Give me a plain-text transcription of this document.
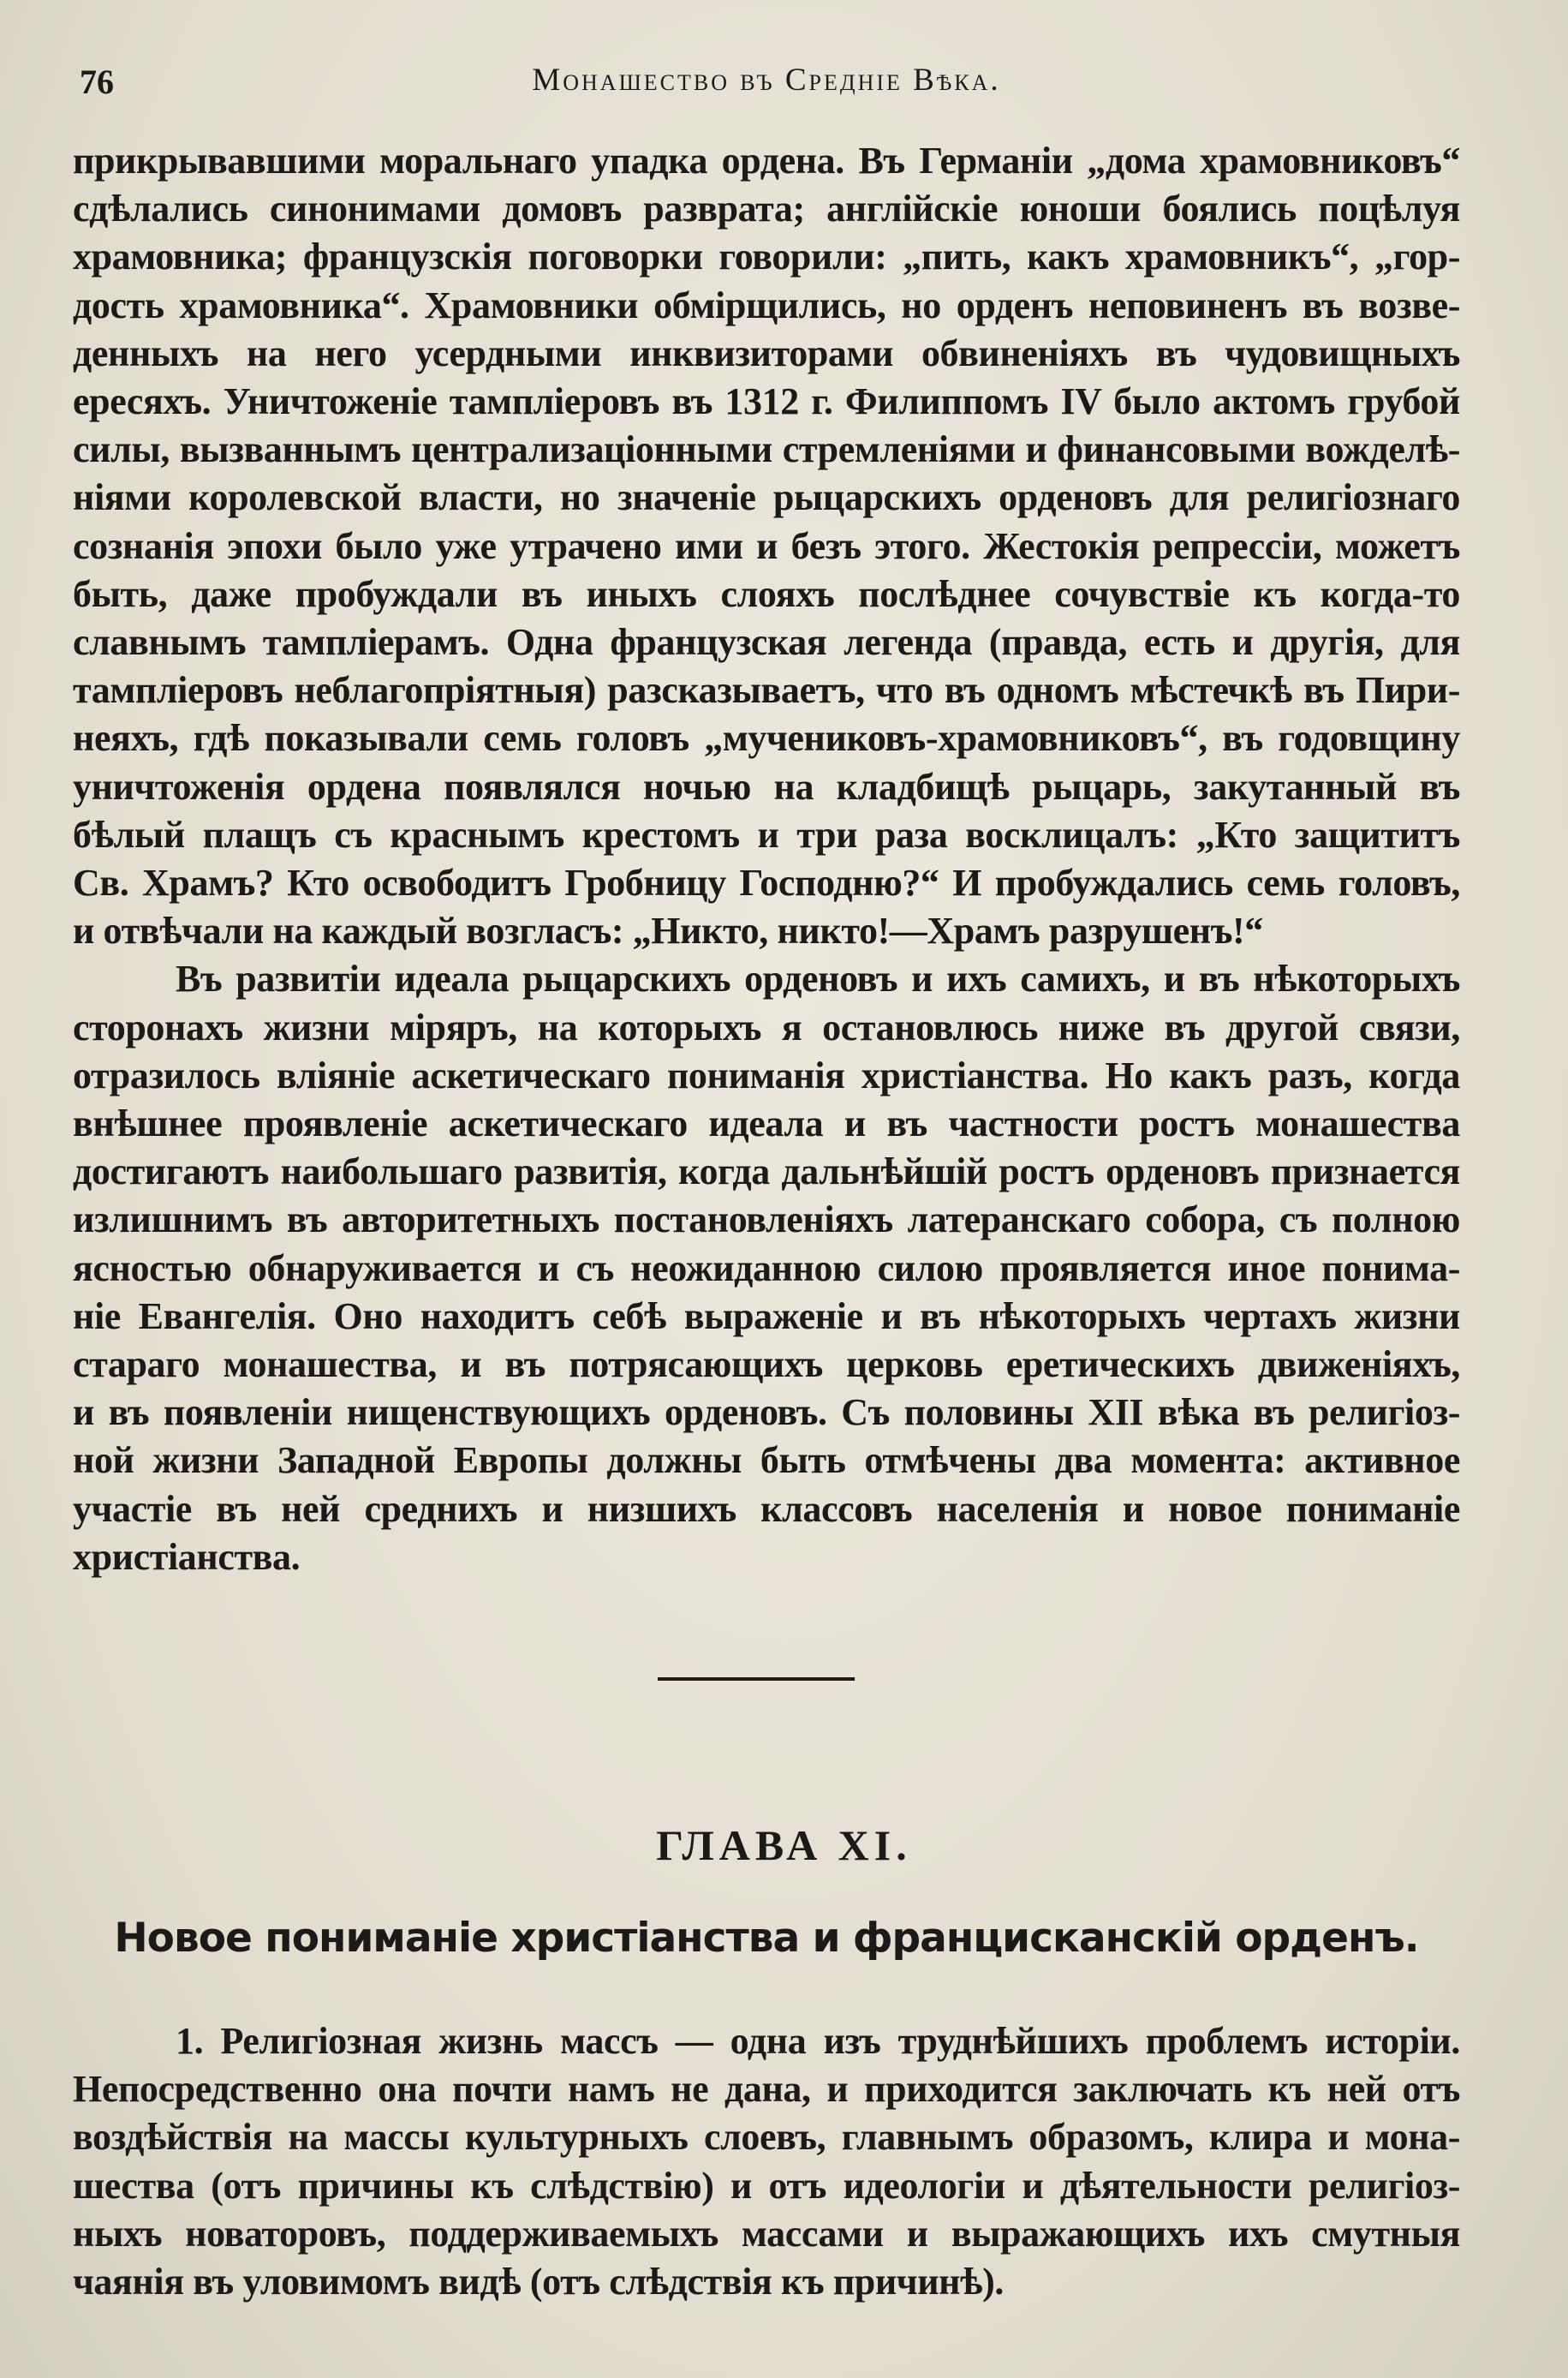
76	Монашество въ Средніе Вѣка.
прикрывавшими моральнаго упадка ордена. Въ Германіи „дома храмовниковъ“
сдѣлались синонимами домовъ разврата; англійскіе юноши боялись поцѣлуя
храмовника; французскія поговорки говорили: „пить, какъ храмовникъ“, „гор-
дость храмовника“. Храмовники обмірщились, но орденъ неповиненъ въ возве-
денныхъ на него усердными инквизиторами обвиненіяхъ въ чудовищныхъ
ересяхъ. Уничтоженіе тампліеровъ въ 1312 г. Филиппомъ IV было актомъ грубой
силы, вызваннымъ централизаціонными стремленіями и финансовыми вожделѣ-
ніями королевской власти, но значеніе рыцарскихъ орденовъ для религіознаго
сознанія эпохи было уже утрачено ими и безъ этого. Жестокія репрессіи, можетъ
быть, даже пробуждали въ иныхъ слояхъ послѣднее сочувствіе къ когда-то
славнымъ тампліерамъ. Одна французская легенда (правда, есть и другія, для
тампліеровъ неблагопріятныя) разсказываетъ, что въ одномъ мѣстечкѣ въ Пири-
неяхъ, гдѣ показывали семь головъ „мучениковъ-храмовниковъ“, въ годовщину
уничтоженія ордена появлялся ночью на кладбищѣ рыцарь, закутанный въ
бѣлый плащъ съ краснымъ крестомъ и три раза восклицалъ: „Кто защититъ
Св. Храмъ? Кто освободитъ Гробницу Господню?“ И пробуждались семь головъ,
и отвѣчали на каждый возгласъ: „Никто, никто!—Храмъ разрушенъ!“
Въ развитіи идеала рыцарскихъ орденовъ и ихъ самихъ, и въ нѣкоторыхъ
сторонахъ жизни міряръ, на которыхъ я остановлюсь ниже въ другой связи,
отразилось вліяніе аскетическаго пониманія христіанства. Но какъ разъ, когда
внѣшнее проявленіе аскетическаго идеала и въ частности ростъ монашества
достигаютъ наибольшаго развитія, когда дальнѣйшій ростъ орденовъ признается
излишнимъ въ авторитетныхъ постановленіяхъ латеранскаго собора, съ полною
ясностью обнаруживается и съ неожиданною силою проявляется иное понима-
ніе Евангелія. Оно находитъ себѣ выраженіе и въ нѣкоторыхъ чертахъ жизни
стараго монашества, и въ потрясающихъ церковь еретическихъ движеніяхъ,
и въ появленіи нищенствующихъ орденовъ. Съ половины XII вѣка въ религіоз-
ной жизни Западной Европы должны быть отмѣчены два момента: активное
участіе въ ней среднихъ и низшихъ классовъ населенія и новое пониманіе
христіанства.
ГЛАВА XI.
Новое пониманіе христіанства и францисканскій орденъ.
1. Религіозная жизнь массъ — одна изъ труднѣйшихъ проблемъ исторіи.
Непосредственно она почти намъ не дана, и приходится заключать къ ней отъ
воздѣйствія на массы культурныхъ слоевъ, главнымъ образомъ, клира и мона-
шества (отъ причины къ слѣдствію) и отъ идеологіи и дѣятельности религіоз-
ныхъ новаторовъ, поддерживаемыхъ массами и выражающихъ ихъ смутныя
чаянія въ уловимомъ видѣ (отъ слѣдствія къ причинѣ).
